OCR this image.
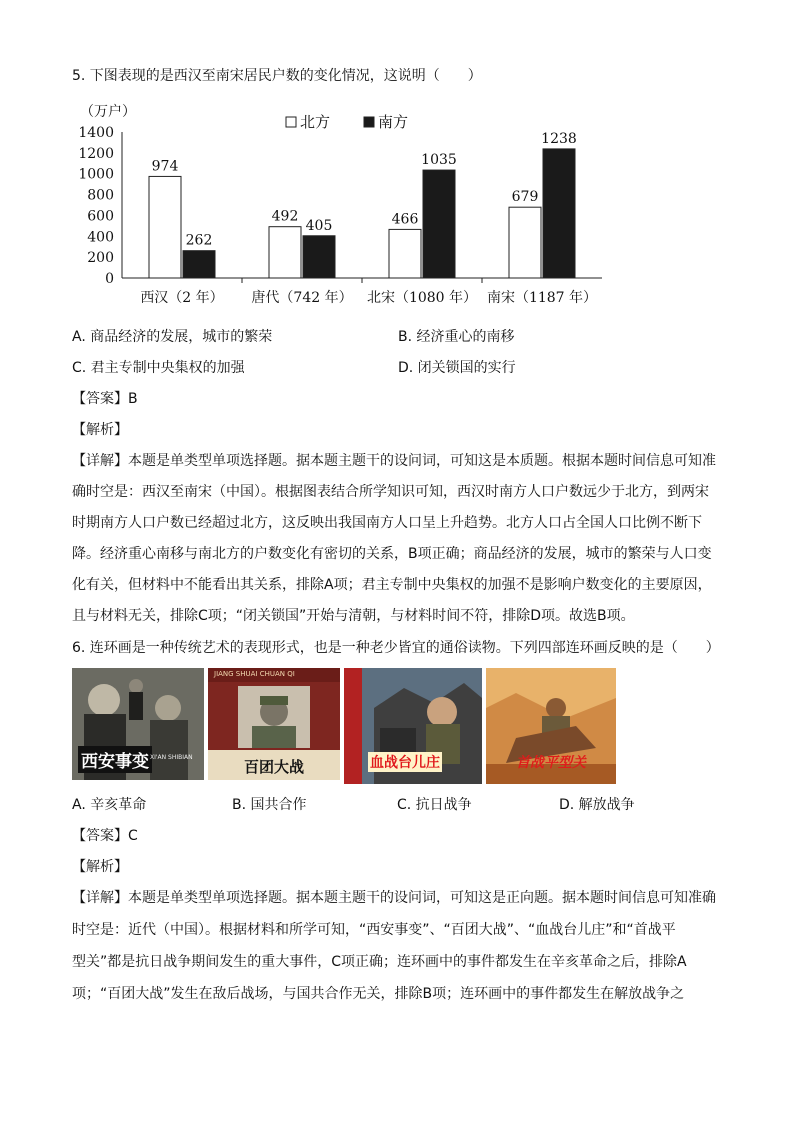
5. 下图表现的是西汉至南宋居民户数的变化情况，这说明（　　）
（万户）
0
200
400
600
800
1000
1200
1400
974
262
西汉（2 年）
492
405
唐代（742 年）
466
1035
北宋（1080 年）
679
1238
南宋（1187 年）
北方	南方
A. 商品经济的发展，城市的繁荣	B. 经济重心的南移
C. 君主专制中央集权的加强	D. 闭关锁国的实行
【答案】B
【解析】
【详解】本题是单类型单项选择题。据本题主题干的设问词，可知这是本质题。根据本题时间信息可知准
确时空是：西汉至南宋（中国）。根据图表结合所学知识可知，西汉时南方人口户数远少于北方，到两宋
时期南方人口户数已经超过北方，这反映出我国南方人口呈上升趋势。北方人口占全国人口比例不断下
降。经济重心南移与南北方的户数变化有密切的关系，B项正确；商品经济的发展，城市的繁荣与人口变
化有关，但材料中不能看出其关系，排除A项；君主专制中央集权的加强不是影响户数变化的主要原因，
且与材料无关，排除C项；“闭关锁国”开始与清朝，与材料时间不符，排除D项。故选B项。
6. 连环画是一种传统艺术的表现形式，也是一种老少皆宜的通俗读物。下列四部连环画反映的是（　　）
西安事变 XI'AN SHIBIAN
JIANG SHUAI CHUAN QI
百团大战	血战台儿庄	首战平型关
A. 辛亥革命	B. 国共合作	C. 抗日战争	D. 解放战争
【答案】C
【解析】
【详解】本题是单类型单项选择题。据本题主题干的设问词，可知这是正向题。据本题时间信息可知准确
时空是：近代（中国）。根据材料和所学可知，“西安事变”、“百团大战”、“血战台儿庄”和“首战平
型关”都是抗日战争期间发生的重大事件，C项正确；连环画中的事件都发生在辛亥革命之后，排除A
项；“百团大战”发生在敌后战场，与国共合作无关，排除B项；连环画中的事件都发生在解放战争之
